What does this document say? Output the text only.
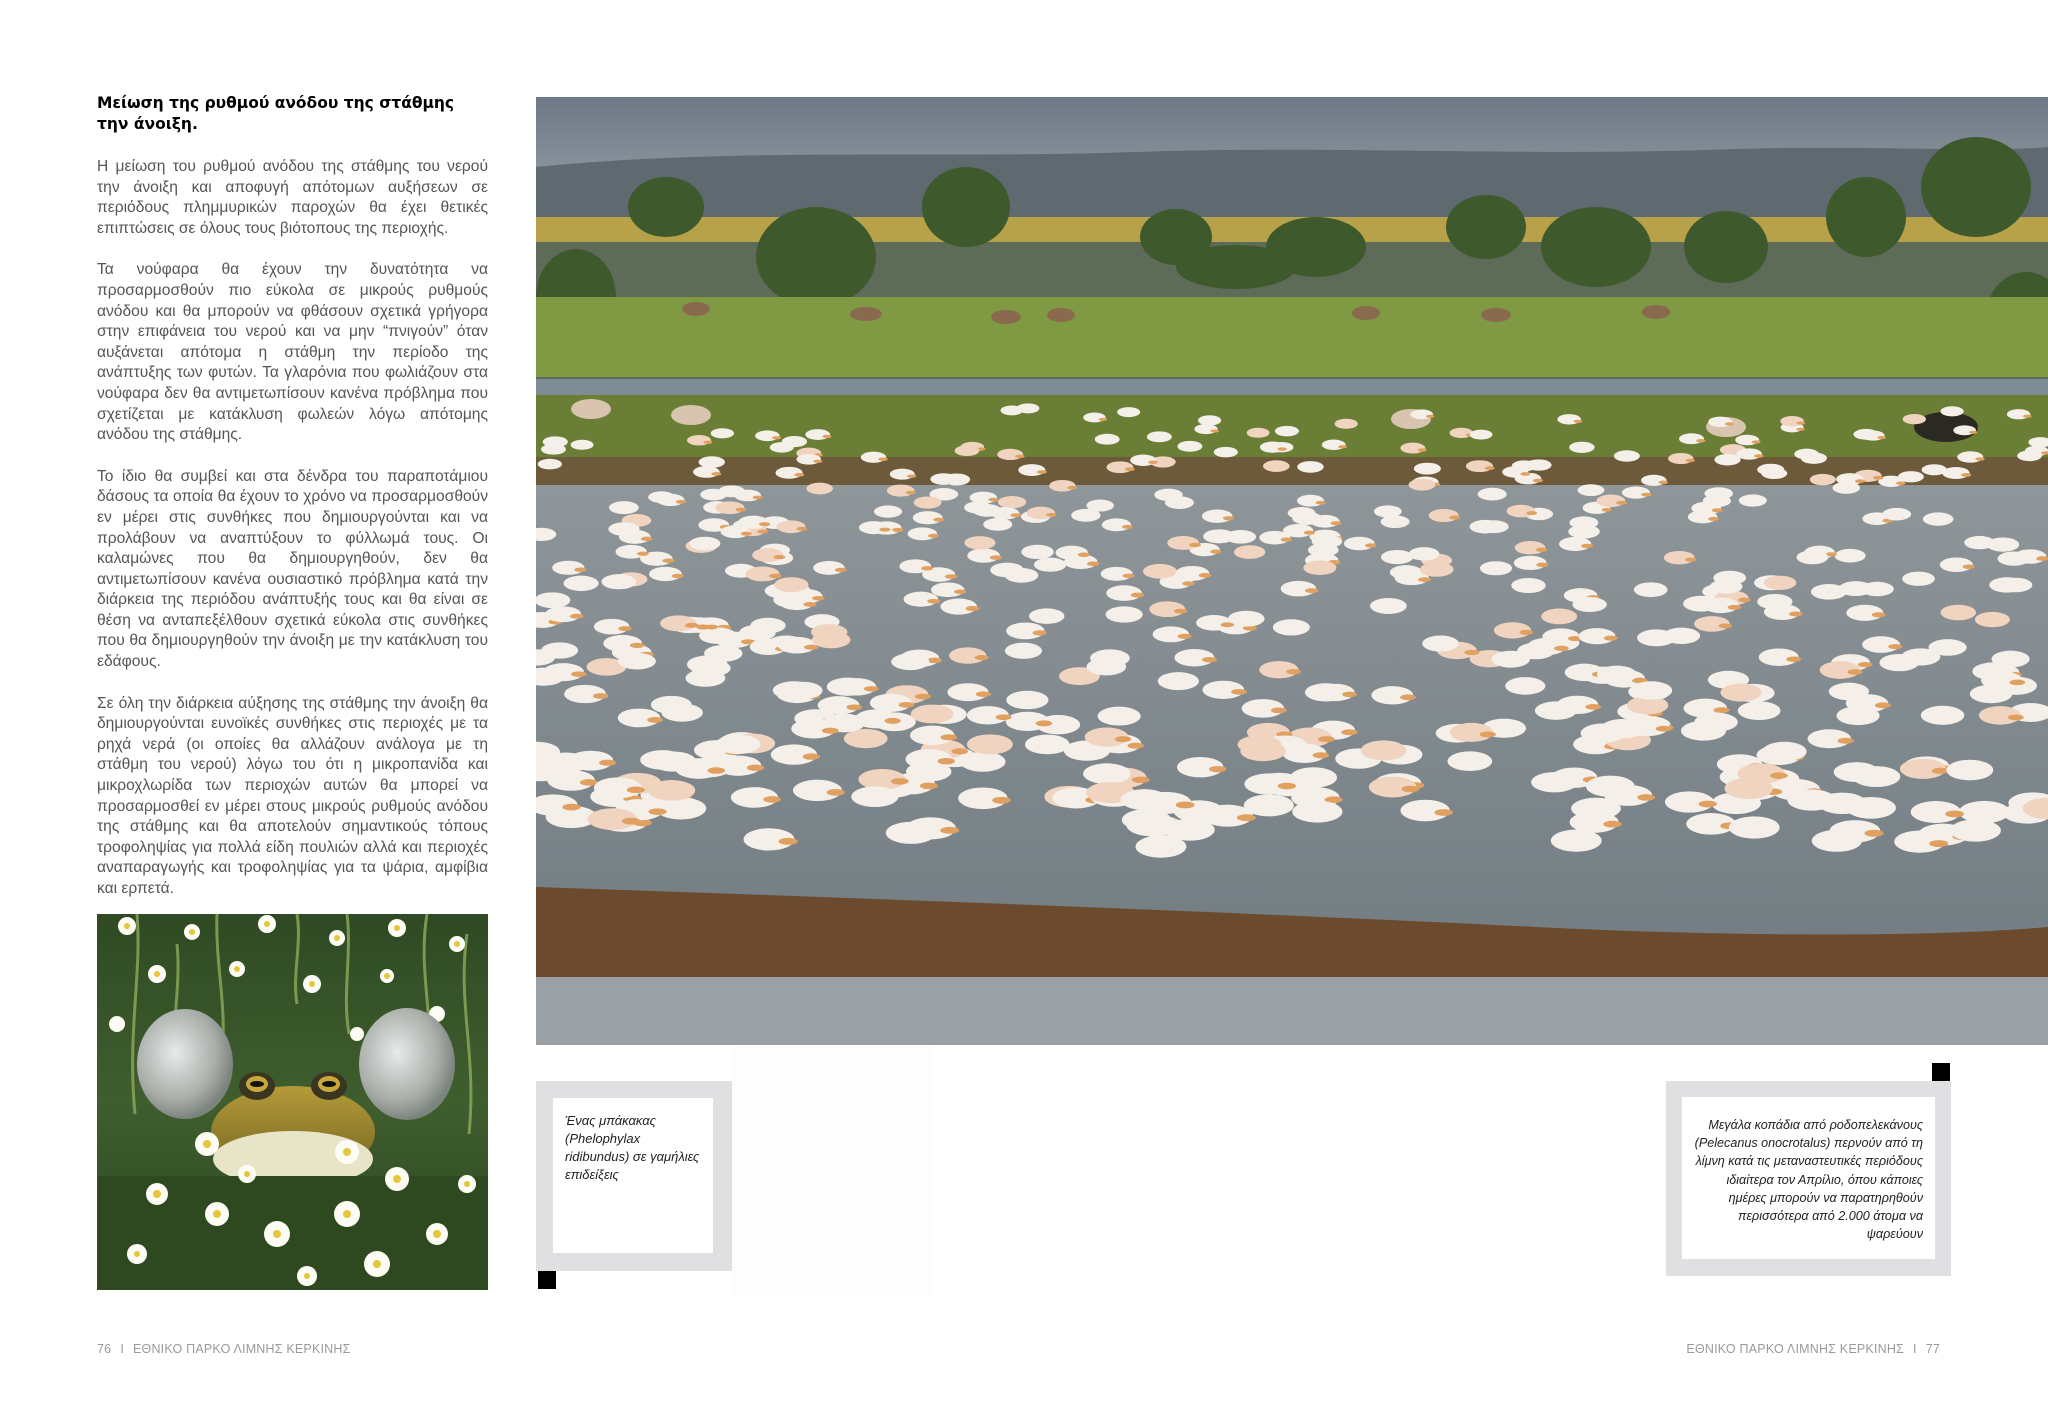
Μείωση της ρυθμού ανόδου της στάθμης την άνοιξη.

Η μείωση του ρυθμού ανόδου της στάθμης του νερού την άνοιξη και αποφυγή απότομων αυξήσεων σε περιόδους πλημμυρικών παροχών θα έχει θετικές επιπτώσεις σε όλους τους βιότοπους της περιοχής.

Τα νούφαρα θα έχουν την δυνατότητα να προσαρμοσθούν πιο εύκολα σε μικρούς ρυθμούς ανόδου και θα μπορούν να φθάσουν σχετικά γρήγορα στην επιφάνεια του νερού και να μην “πνιγούν” όταν αυξάνεται απότομα η στάθμη την περίοδο της ανάπτυξης των φυτών. Τα γλαρόνια που φωλιάζουν στα νούφαρα δεν θα αντιμετωπίσουν κανένα πρόβλημα που σχετίζεται με κατάκλυση φωλεών λόγω απότομης ανόδου της στάθμης.

Το ίδιο θα συμβεί και στα δένδρα του παραποτάμιου δάσους τα οποία θα έχουν το χρόνο να προσαρμοσθούν εν μέρει στις συνθήκες που δημιουργούνται και να προλάβουν να αναπτύξουν το φύλλωμά τους. Οι καλαμώνες που θα δημιουργηθούν, δεν θα αντιμετωπίσουν κανένα ουσιαστικό πρόβλημα κατά την διάρκεια της περιόδου ανάπτυξής τους και θα είναι σε θέση να ανταπεξέλθουν σχετικά εύκολα στις συνθήκες που θα δημιουργηθούν την άνοιξη με την κατάκλυση του εδάφους.

Σε όλη την διάρκεια αύξησης της στάθμης την άνοιξη θα δημιουργούνται ευνοϊκές συνθήκες στις περιοχές με τα ρηχά νερά (οι οποίες θα αλλάζουν ανάλογα με τη στάθμη του νερού) λόγω του ότι η μικροπανίδα και μικροχλωρίδα των περιοχών αυτών θα μπορεί να προσαρμοσθεί εν μέρει στους μικρούς ρυθμούς ανόδου της στάθμης και θα αποτελούν σημαντικούς τόπους τροφοληψίας για πολλά είδη πουλιών αλλά και περιοχές αναπαραγωγής και τροφοληψίας για τα ψάρια, αμφίβια και ερπετά.

Ένας μπάκακας (Phelophylax ridibundus) σε γαμήλιες επιδείξεις
Μεγάλα κοπάδια από ροδοπελεκάνους (Pelecanus onocrotalus) περνούν από τη λίμνη κατά τις μεταναστευτικές περιόδους ιδιαίτερα τον Απρίλιο, όπου κάποιες ημέρες μπορούν να παρατηρηθούν περισσότερα από 2.000 άτομα να ψαρεύουν
76 I ΕΘΝΙΚΟ ΠΑΡΚΟ ΛΙΜΝΗΣ ΚΕΡΚΙΝΗΣ	ΕΘΝΙΚΟ ΠΑΡΚΟ ΛΙΜΝΗΣ ΚΕΡΚΙΝΗΣ I 77
